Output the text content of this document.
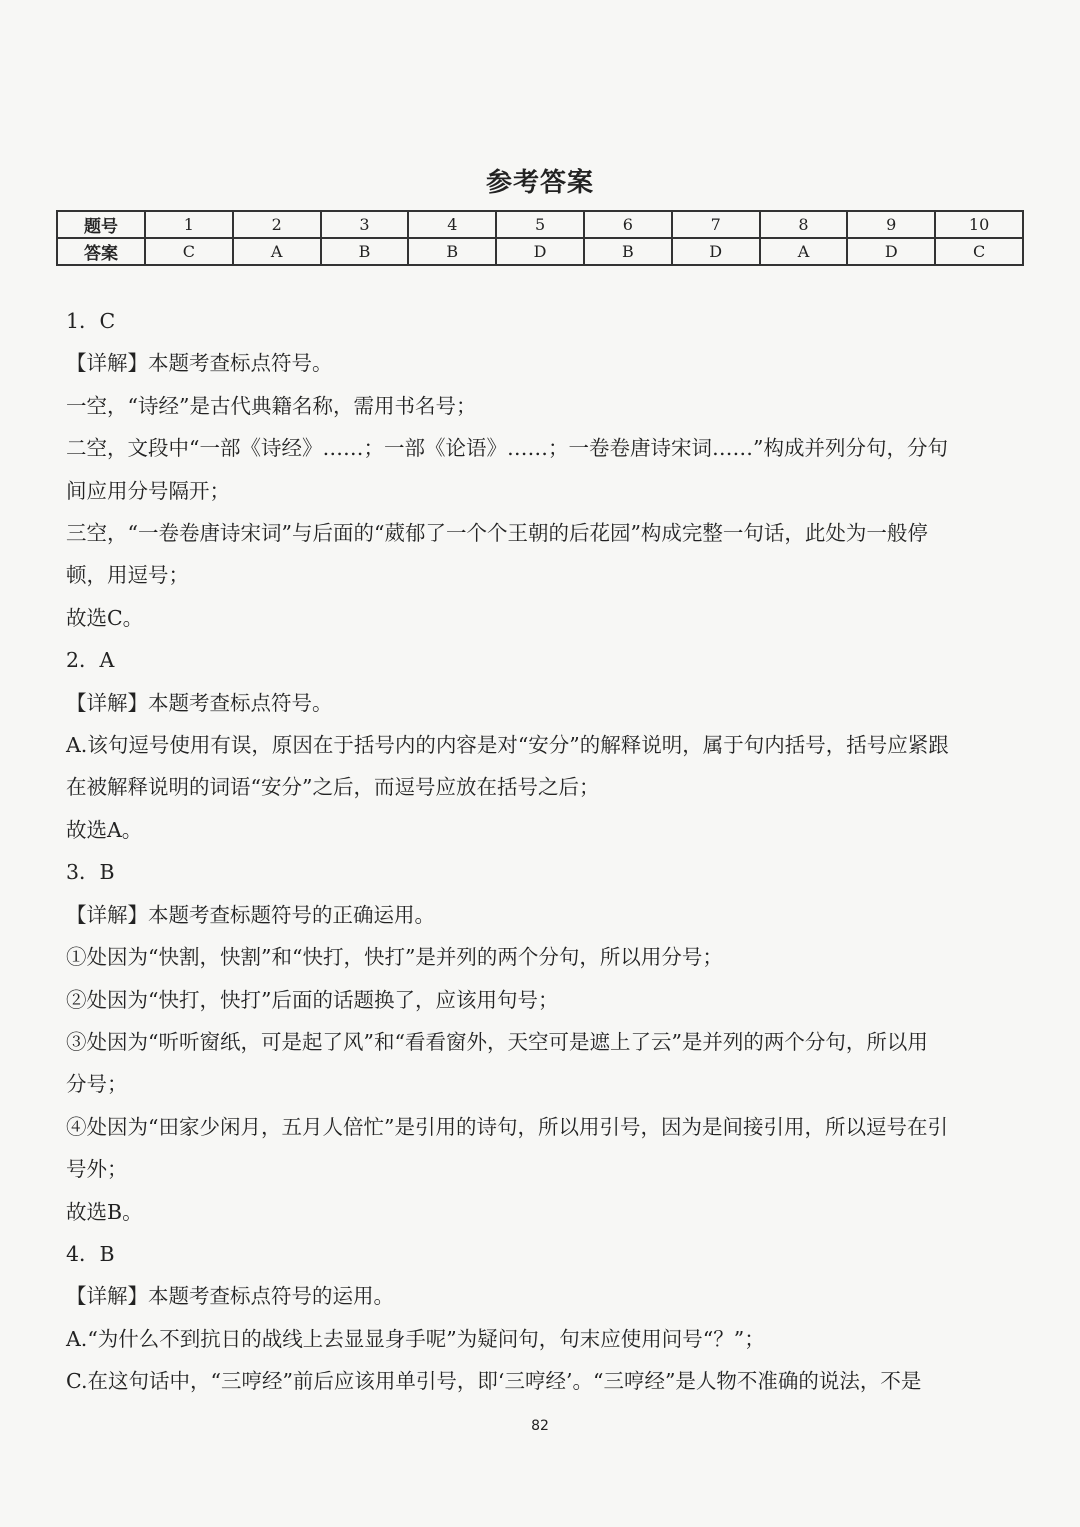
参考答案
题号	1	2	3	4	5	6	7	8	9	10
答案	C	A	B	B	D	B	D	A	D	C
1．C
【详解】本题考查标点符号。
一空，“诗经”是古代典籍名称，需用书名号；
二空，文段中“一部《诗经》……；一部《论语》……；一卷卷唐诗宋词……”构成并列分句，分句
间应用分号隔开；
三空，“一卷卷唐诗宋词”与后面的“葳郁了一个个王朝的后花园”构成完整一句话，此处为一般停
顿，用逗号；
故选C。
2．A
【详解】本题考查标点符号。
A.该句逗号使用有误，原因在于括号内的内容是对“安分”的解释说明，属于句内括号，括号应紧跟
在被解释说明的词语“安分”之后，而逗号应放在括号之后；
故选A。
3．B
【详解】本题考查标题符号的正确运用。
①处因为“快割，快割”和“快打，快打”是并列的两个分句，所以用分号；
②处因为“快打，快打”后面的话题换了，应该用句号；
③处因为“听听窗纸，可是起了风”和“看看窗外，天空可是遮上了云”是并列的两个分句，所以用
分号；
④处因为“田家少闲月，五月人倍忙”是引用的诗句，所以用引号，因为是间接引用，所以逗号在引
号外；
故选B。
4．B
【详解】本题考查标点符号的运用。
A.“为什么不到抗日的战线上去显显身手呢”为疑问句，句末应使用问号“？”；
C.在这句话中，“三哼经”前后应该用单引号，即‘三哼经’。“三哼经”是人物不准确的说法，不是
82
